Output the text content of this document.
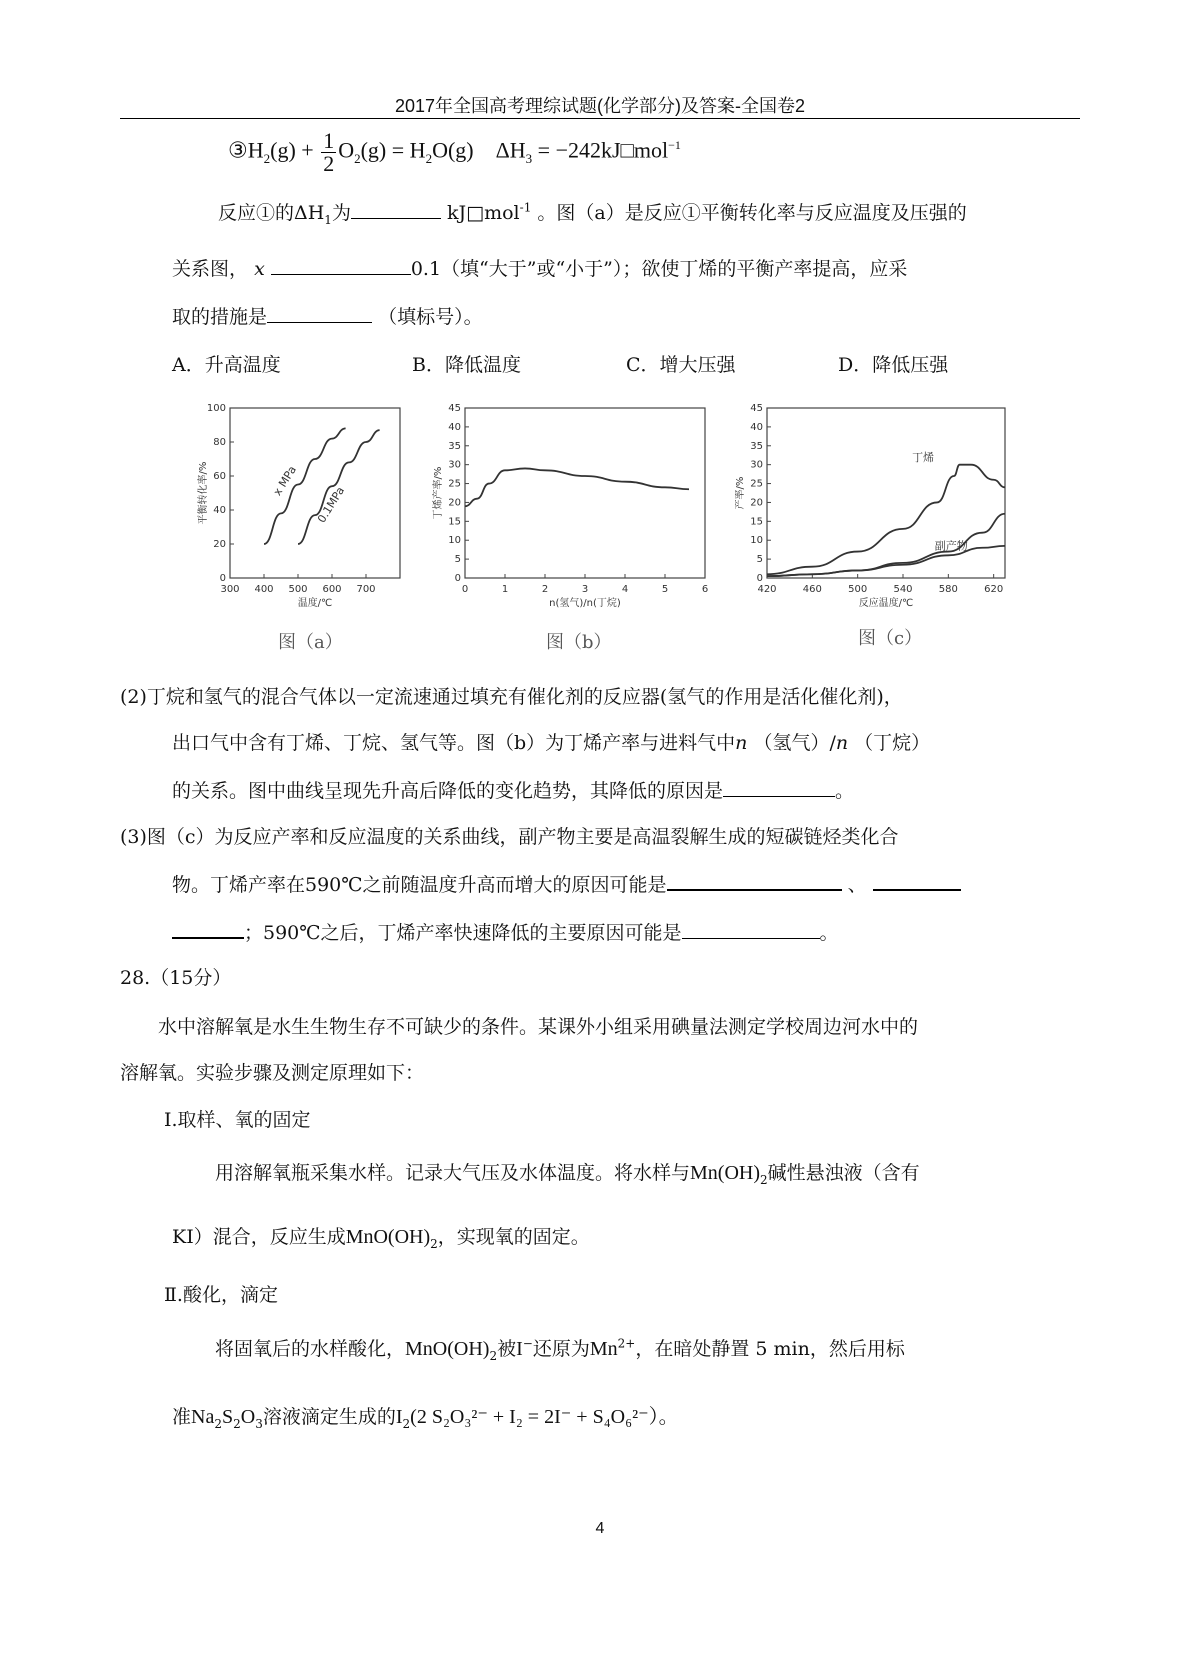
2017年全国高考理综试题(化学部分)及答案-全国卷2
$③H_2(g) + \frac{1}{2} O_2(g) = H_2O(g) \Delta H_3$ = −242kJ□mol$^{-1}$
反应①的$\Delta H_1$为	kJ□mol$^{-1}$ 。图（a）是反应①平衡转化率与反应温度及压强的
关系图， x	0.1（填“大于”或“小于”）；欲使丁烯的平衡产率提高，应采
取的措施是	（填标号）。
A．升高温度	B．降低温度	C．增大压强	D．降低压强
300 400 500 600 700
0
20
40
60
80
100
温度/℃
平衡转化率/%	x MPa
0.1MPa
0	1	2	3	4	5	6
0
5
10
15
20
25
30
35
40
45
n(氢气)/n(丁烷)
丁烯产率/%
420	460	500	540	580	620
0
5
10
15
20
25
30
35
40
45
反应温度/℃
产率/%
丁烯
副产物
图（a）	图（b）	图（c）
(2)丁烷和氢气的混合气体以一定流速通过填充有催化剂的反应器(氢气的作用是活化催化剂)，
出口气中含有丁烯、丁烷、氢气等。图（b）为丁烯产率与进料气中n （氢气）/n （丁烷）
的关系。图中曲线呈现先升高后降低的变化趋势，其降低的原因是	。
(3)图（c）为反应产率和反应温度的关系曲线，副产物主要是高温裂解生成的短碳链烃类化合
物。丁烯产率在590℃之前随温度升高而增大的原因可能是	、
；590℃之后，丁烯产率快速降低的主要原因可能是	。
28.（15分）
水中溶解氧是水生生物生存不可缺少的条件。某课外小组采用碘量法测定学校周边河水中的
溶解氧。实验步骤及测定原理如下：
Ⅰ.取样、氧的固定
用溶解氧瓶采集水样。记录大气压及水体温度。将水样与$Mn(OH)_2$碱性悬浊液（含有
KI）混合，反应生成$MnO(OH)_2$，实现氧的固定。
Ⅱ.酸化，滴定
将固氧后的水样酸化，$MnO(OH)_2$被I−还原为$Mn^{2+}$，在暗处静置 5 min，然后用标
准$Na_2S_2O_3$溶液滴定生成的$I_2(2$ S₂O₃²⁻ + I₂ = 2I⁻ + S₄O₆²⁻）。
4
